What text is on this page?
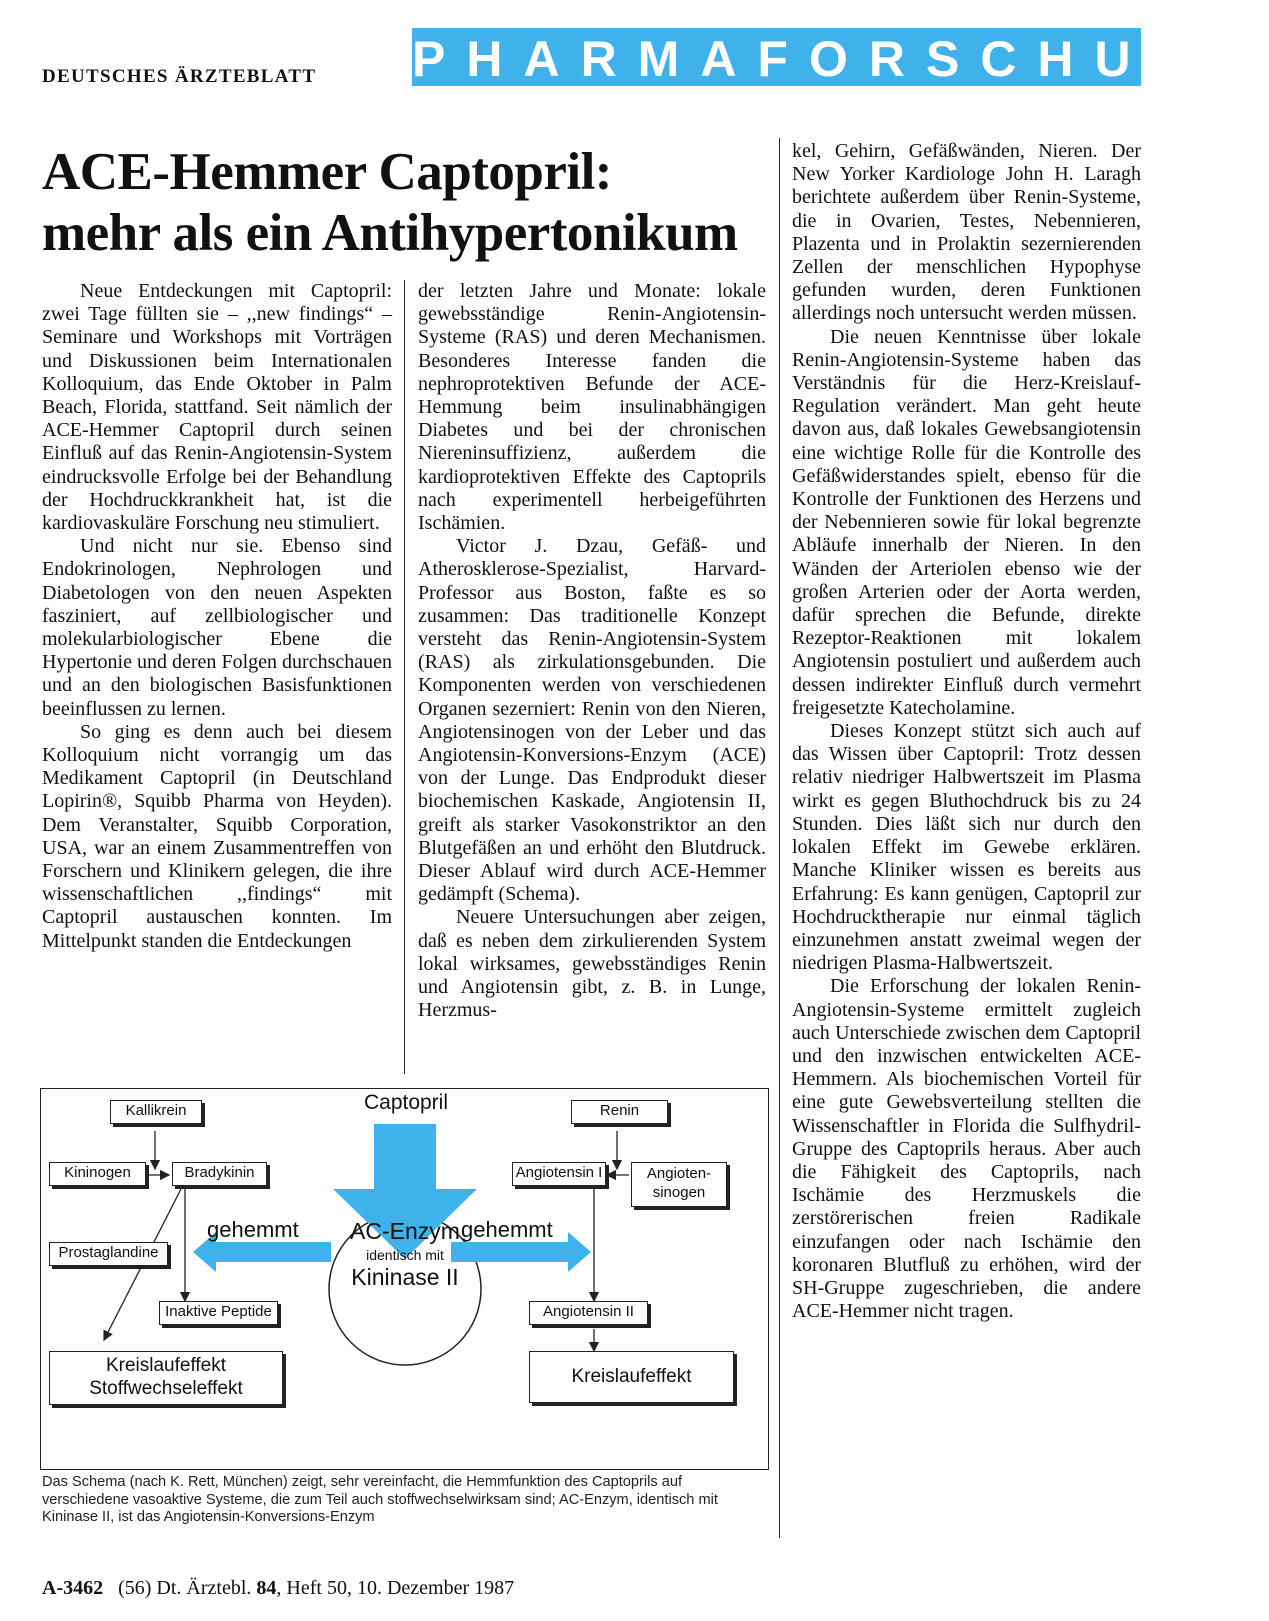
DEUTSCHES ÄRZTEBLATT PHARMAFORSCHUNG
ACE-Hemmer Captopril:
mehr als ein Antihypertonikum

Neue Entdeckungen mit Captopril: zwei Tage füllten sie – ,,new findings“ – Seminare und Workshops mit Vorträgen und Diskussionen beim Internationalen Kolloquium, das Ende Oktober in Palm Beach, Florida, stattfand. Seit nämlich der ACE-Hemmer Captopril durch seinen Einfluß auf das Renin-Angiotensin-System eindrucksvolle Erfolge bei der Behandlung der Hochdruckkrankheit hat, ist die kardiovaskuläre Forschung neu stimuliert.

Und nicht nur sie. Ebenso sind Endokrinologen, Nephrologen und Diabetologen von den neuen Aspekten fasziniert, auf zellbiologischer und molekularbiologischer Ebene die Hypertonie und deren Folgen durchschauen und an den biologischen Basisfunktionen beeinflussen zu lernen.

So ging es denn auch bei diesem Kolloquium nicht vorrangig um das Medikament Captopril (in Deutschland Lopirin®, Squibb Pharma von Heyden). Dem Veranstalter, Squibb Corporation, USA, war an einem Zusammentreffen von Forschern und Klinikern gelegen, die ihre wissenschaftlichen ,,findings“ mit Captopril austauschen konnten. Im Mittelpunkt standen die Entdeckungen

der letzten Jahre und Monate: lokale gewebsständige Renin-Angiotensin-Systeme (RAS) und deren Mechanismen. Besonderes Interesse fanden die nephroprotektiven Befunde der ACE-Hemmung beim insulinabhängigen Diabetes und bei der chronischen Niereninsuffizienz, außerdem die kardioprotektiven Effekte des Captoprils nach experimentell herbeigeführten Ischämien.

Victor J. Dzau, Gefäß- und Atherosklerose-Spezialist, Harvard-Professor aus Boston, faßte es so zusammen: Das traditionelle Konzept versteht das Renin-Angiotensin-System (RAS) als zirkulationsgebunden. Die Komponenten werden von verschiedenen Organen sezerniert: Renin von den Nieren, Angiotensinogen von der Leber und das Angiotensin-Konversions-Enzym (ACE) von der Lunge. Das Endprodukt dieser biochemischen Kaskade, Angiotensin II, greift als starker Vasokonstriktor an den Blutgefäßen an und erhöht den Blutdruck. Dieser Ablauf wird durch ACE-Hemmer gedämpft (Schema).

Neuere Untersuchungen aber zeigen, daß es neben dem zirkulierenden System lokal wirksames, gewebsständiges Renin und Angiotensin gibt, z. B. in Lunge, Herzmus-

kel, Gehirn, Gefäßwänden, Nieren. Der New Yorker Kardiologe John H. Laragh berichtete außerdem über Renin-Systeme, die in Ovarien, Testes, Nebennieren, Plazenta und in Prolaktin sezernierenden Zellen der menschlichen Hypophyse gefunden wurden, deren Funktionen allerdings noch untersucht werden müssen.

Die neuen Kenntnisse über lokale Renin-Angiotensin-Systeme haben das Verständnis für die Herz-Kreislauf-Regulation verändert. Man geht heute davon aus, daß lokales Gewebsangiotensin eine wichtige Rolle für die Kontrolle des Gefäßwiderstandes spielt, ebenso für die Kontrolle der Funktionen des Herzens und der Nebennieren sowie für lokal begrenzte Abläufe innerhalb der Nieren. In den Wänden der Arteriolen ebenso wie der großen Arterien oder der Aorta werden, dafür sprechen die Befunde, direkte Rezeptor-Reaktionen mit lokalem Angiotensin postuliert und außerdem auch dessen indirekter Einfluß durch vermehrt freigesetzte Katecholamine.

Dieses Konzept stützt sich auch auf das Wissen über Captopril: Trotz dessen relativ niedriger Halbwertszeit im Plasma wirkt es gegen Bluthochdruck bis zu 24 Stunden. Dies läßt sich nur durch den lokalen Effekt im Gewebe erklären. Manche Kliniker wissen es bereits aus Erfahrung: Es kann genügen, Captopril zur Hochdrucktherapie nur einmal täglich einzunehmen anstatt zweimal wegen der niedrigen Plasma-Halbwertszeit.

Die Erforschung der lokalen Renin-Angiotensin-Systeme ermittelt zugleich auch Unterschiede zwischen dem Captopril und den inzwischen entwickelten ACE-Hemmern. Als biochemischen Vorteil für eine gute Gewebsverteilung stellten die Wissenschaftler in Florida die Sulfhydril-Gruppe des Captoprils heraus. Aber auch die Fähigkeit des Captoprils, nach Ischämie des Herzmuskels die zerstörerischen freien Radikale einzufangen oder nach Ischämie den koronaren Blutfluß zu erhöhen, wird der SH-Gruppe zugeschrieben, die andere ACE-Hemmer nicht tragen.

Captopril
Kallikrein
Kininogen	Bradykinin
Prostaglandine
Inaktive Peptide
Kreislaufeffekt
Stoffwechseleffekt
Renin
Angiotensin I	Angioten-
sinogen
Angiotensin II
Kreislaufeffekt
gehemmt	gehemmt
AC-Enzym
identisch mit
Kininase II
Das Schema (nach K. Rett, München) zeigt, sehr vereinfacht, die Hemmfunktion des Captoprils auf verschiedene vasoaktive Systeme, die zum Teil auch stoffwechselwirksam sind; AC-Enzym, identisch mit Kininase II, ist das Angiotensin-Konversions-Enzym
A-3462 (56) Dt. Ärztebl. 84, Heft 50, 10. Dezember 1987
